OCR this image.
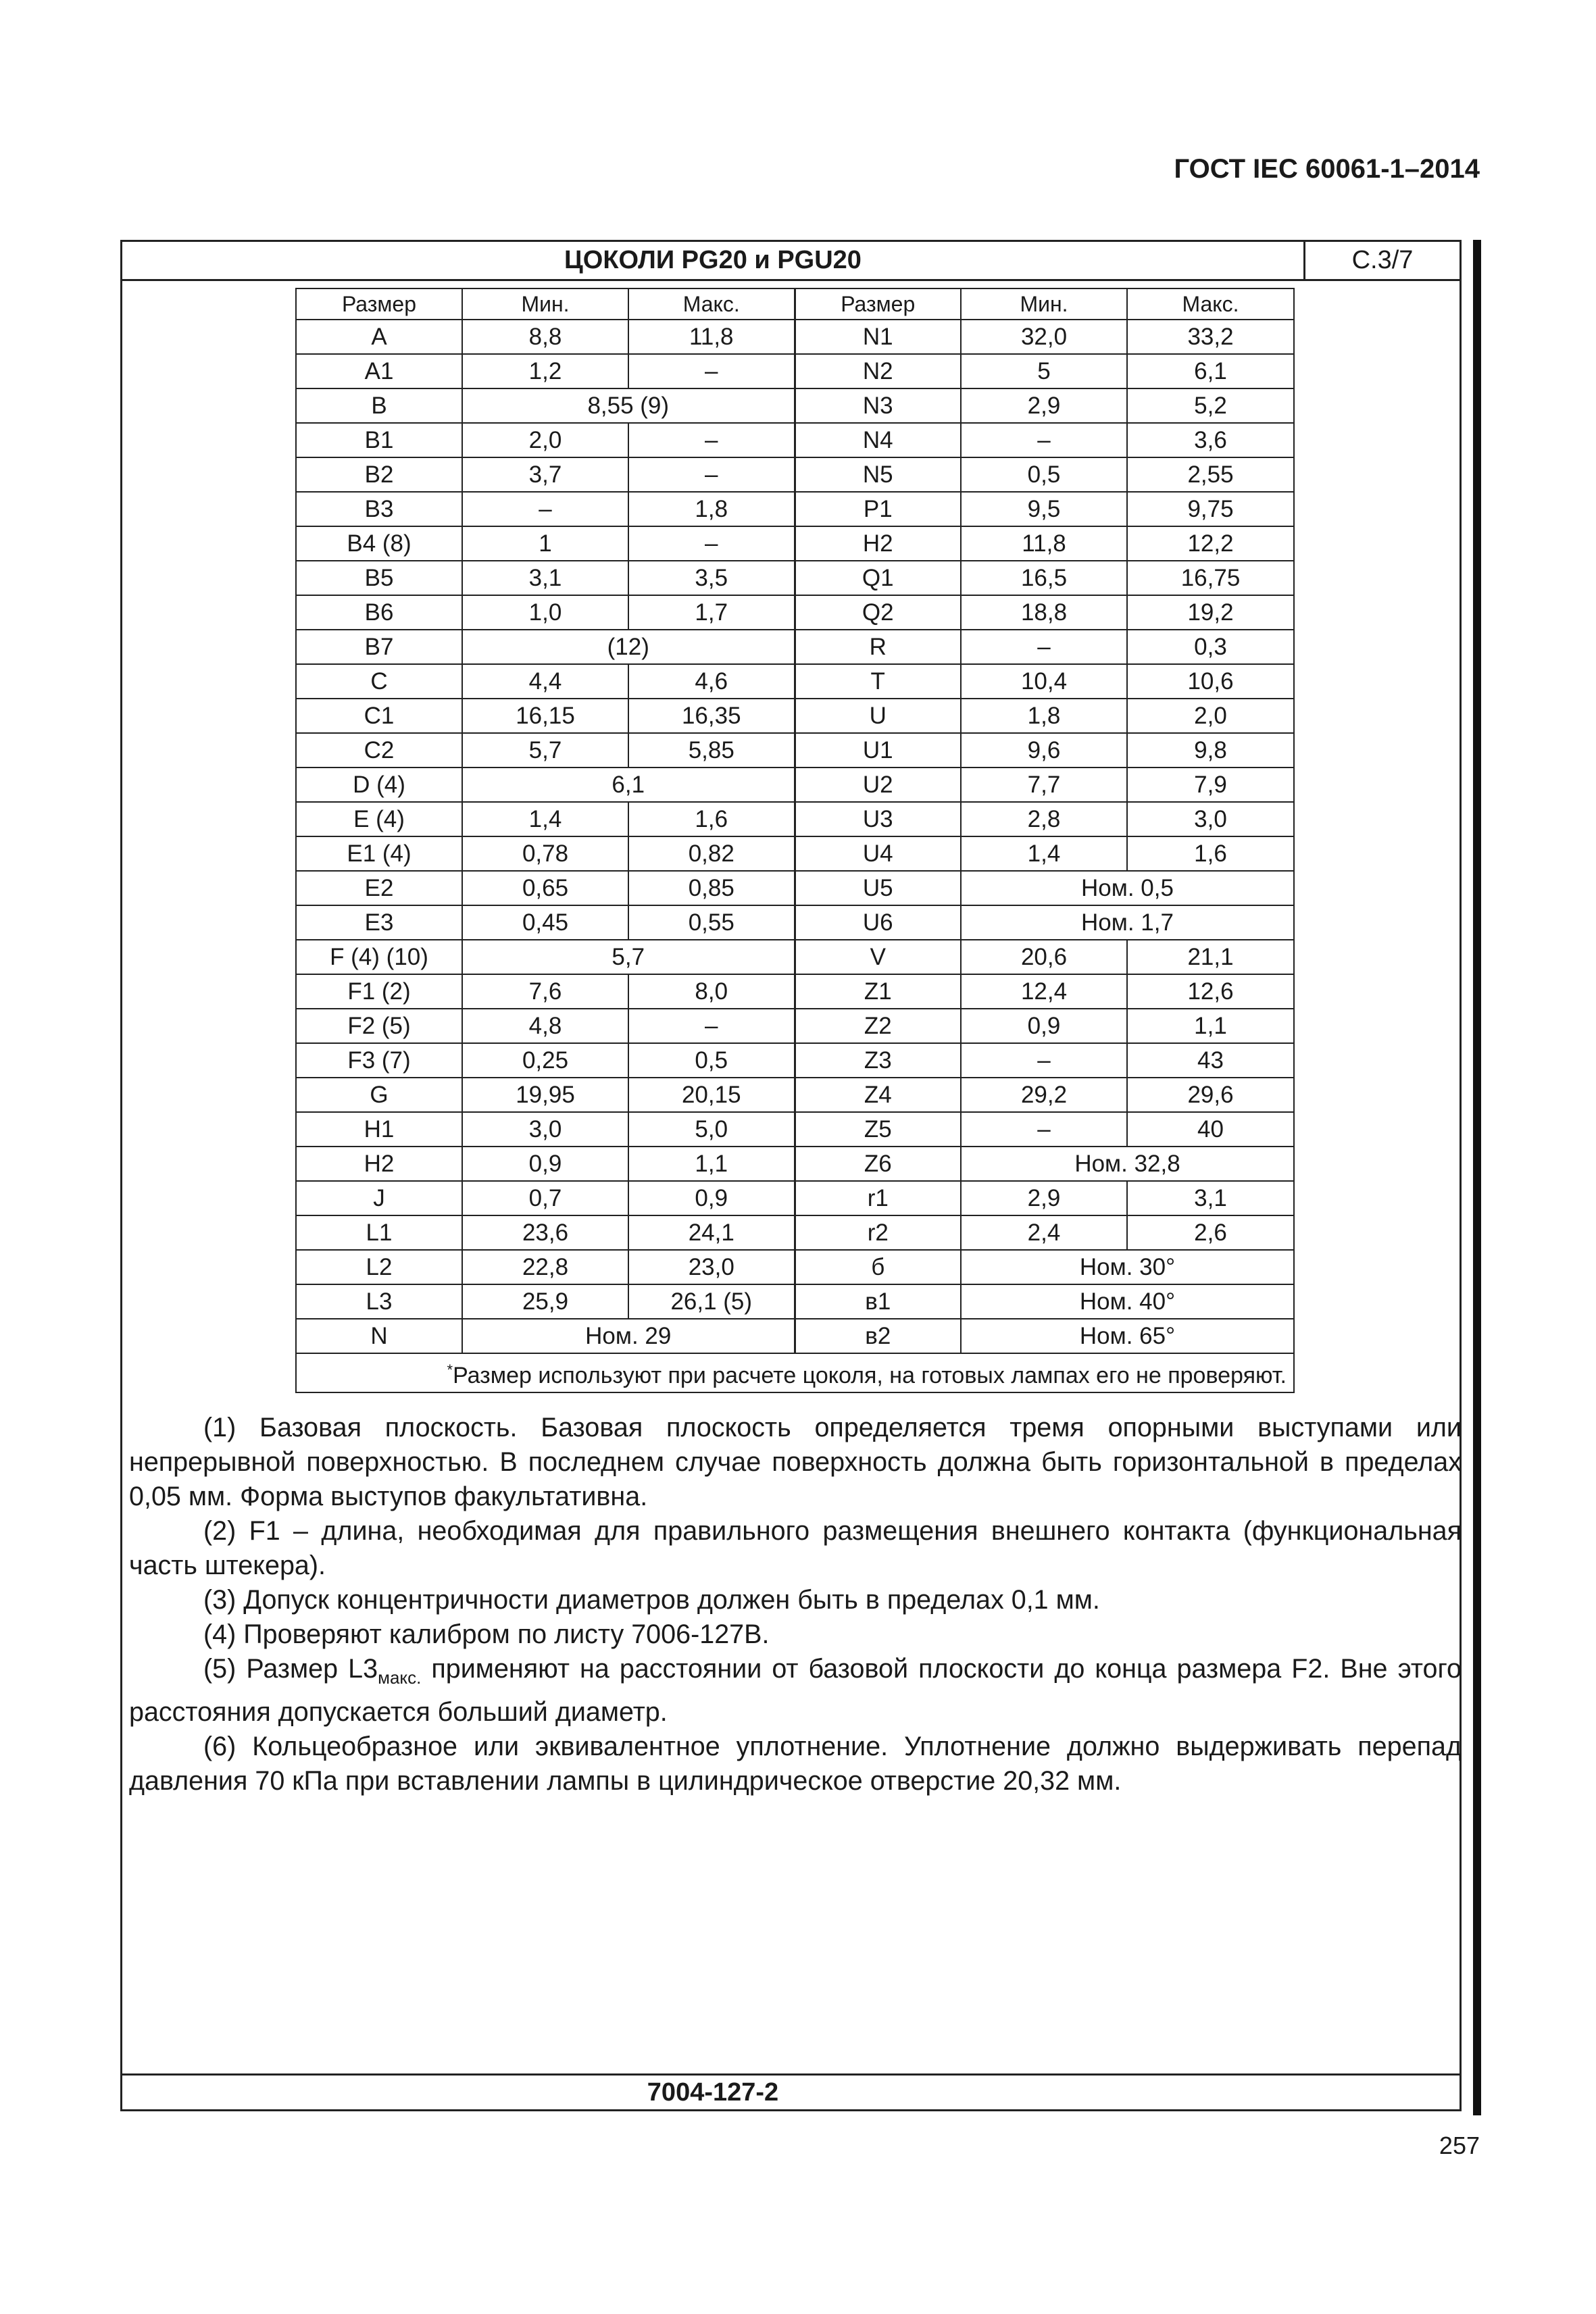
ГОСТ IEC 60061-1–2014
ЦОКОЛИ PG20 и PGU20	С.3/7
Размер	Мин.	Макс.	Размер	Мин.	Макс.
A	8,8	11,8	N1	32,0	33,2
A1	1,2	–	N2	5	6,1
B	8,55 (9)		N3	2,9	5,2
B1	2,0	–	N4	–	3,6
B2	3,7	–	N5	0,5	2,55
B3	–	1,8	P1	9,5	9,75
B4 (8)	1	–	H2	11,8	12,2
B5	3,1	3,5	Q1	16,5	16,75
B6	1,0	1,7	Q2	18,8	19,2
B7	(12)		R	–	0,3
C	4,4	4,6	T	10,4	10,6
C1	16,15	16,35	U	1,8	2,0
C2	5,7	5,85	U1	9,6	9,8
D (4)	6,1		U2	7,7	7,9
E (4)	1,4	1,6	U3	2,8	3,0
E1 (4)	0,78	0,82	U4	1,4	1,6
E2	0,65	0,85	U5	Ном. 0,5	
E3	0,45	0,55	U6	Ном. 1,7	
F (4) (10)	5,7		V	20,6	21,1
F1 (2)	7,6	8,0	Z1	12,4	12,6
F2 (5)	4,8	–	Z2	0,9	1,1
F3 (7)	0,25	0,5	Z3	–	43
G	19,95	20,15	Z4	29,2	29,6
H1	3,0	5,0	Z5	–	40
H2	0,9	1,1	Z6	Ном. 32,8	
J	0,7	0,9	r1	2,9	3,1
L1	23,6	24,1	r2	2,4	2,6
L2	22,8	23,0	б	Ном. 30°	
L3	25,9	26,1 (5)	в1	Ном. 40°	
N	Ном. 29		в2	Ном. 65°	
*Размер используют при расчете цоколя, на готовых лампах его не проверяют.					

(1) Базовая плоскость. Базовая плоскость определяется тремя опорными выступами или непрерывной поверхностью. В последнем случае поверхность должна быть горизонтальной в пределах 0,05 мм. Форма выступов факультативна.

(2) F1 – длина, необходимая для правильного размещения внешнего контакта (функциональная часть штекера).

(3) Допуск концентричности диаметров должен быть в пределах 0,1 мм.

(4) Проверяют калибром по листу 7006-127В.

(5) Размер $L3_{макс.}$ применяют на расстоянии от базовой плоскости до конца размера F2. Вне этого расстояния допускается больший диаметр.

(6) Кольцеобразное или эквивалентное уплотнение. Уплотнение должно выдерживать перепад давления 70 кПа при вставлении лампы в цилиндрическое отверстие 20,32 мм.

7004-127-2
257
